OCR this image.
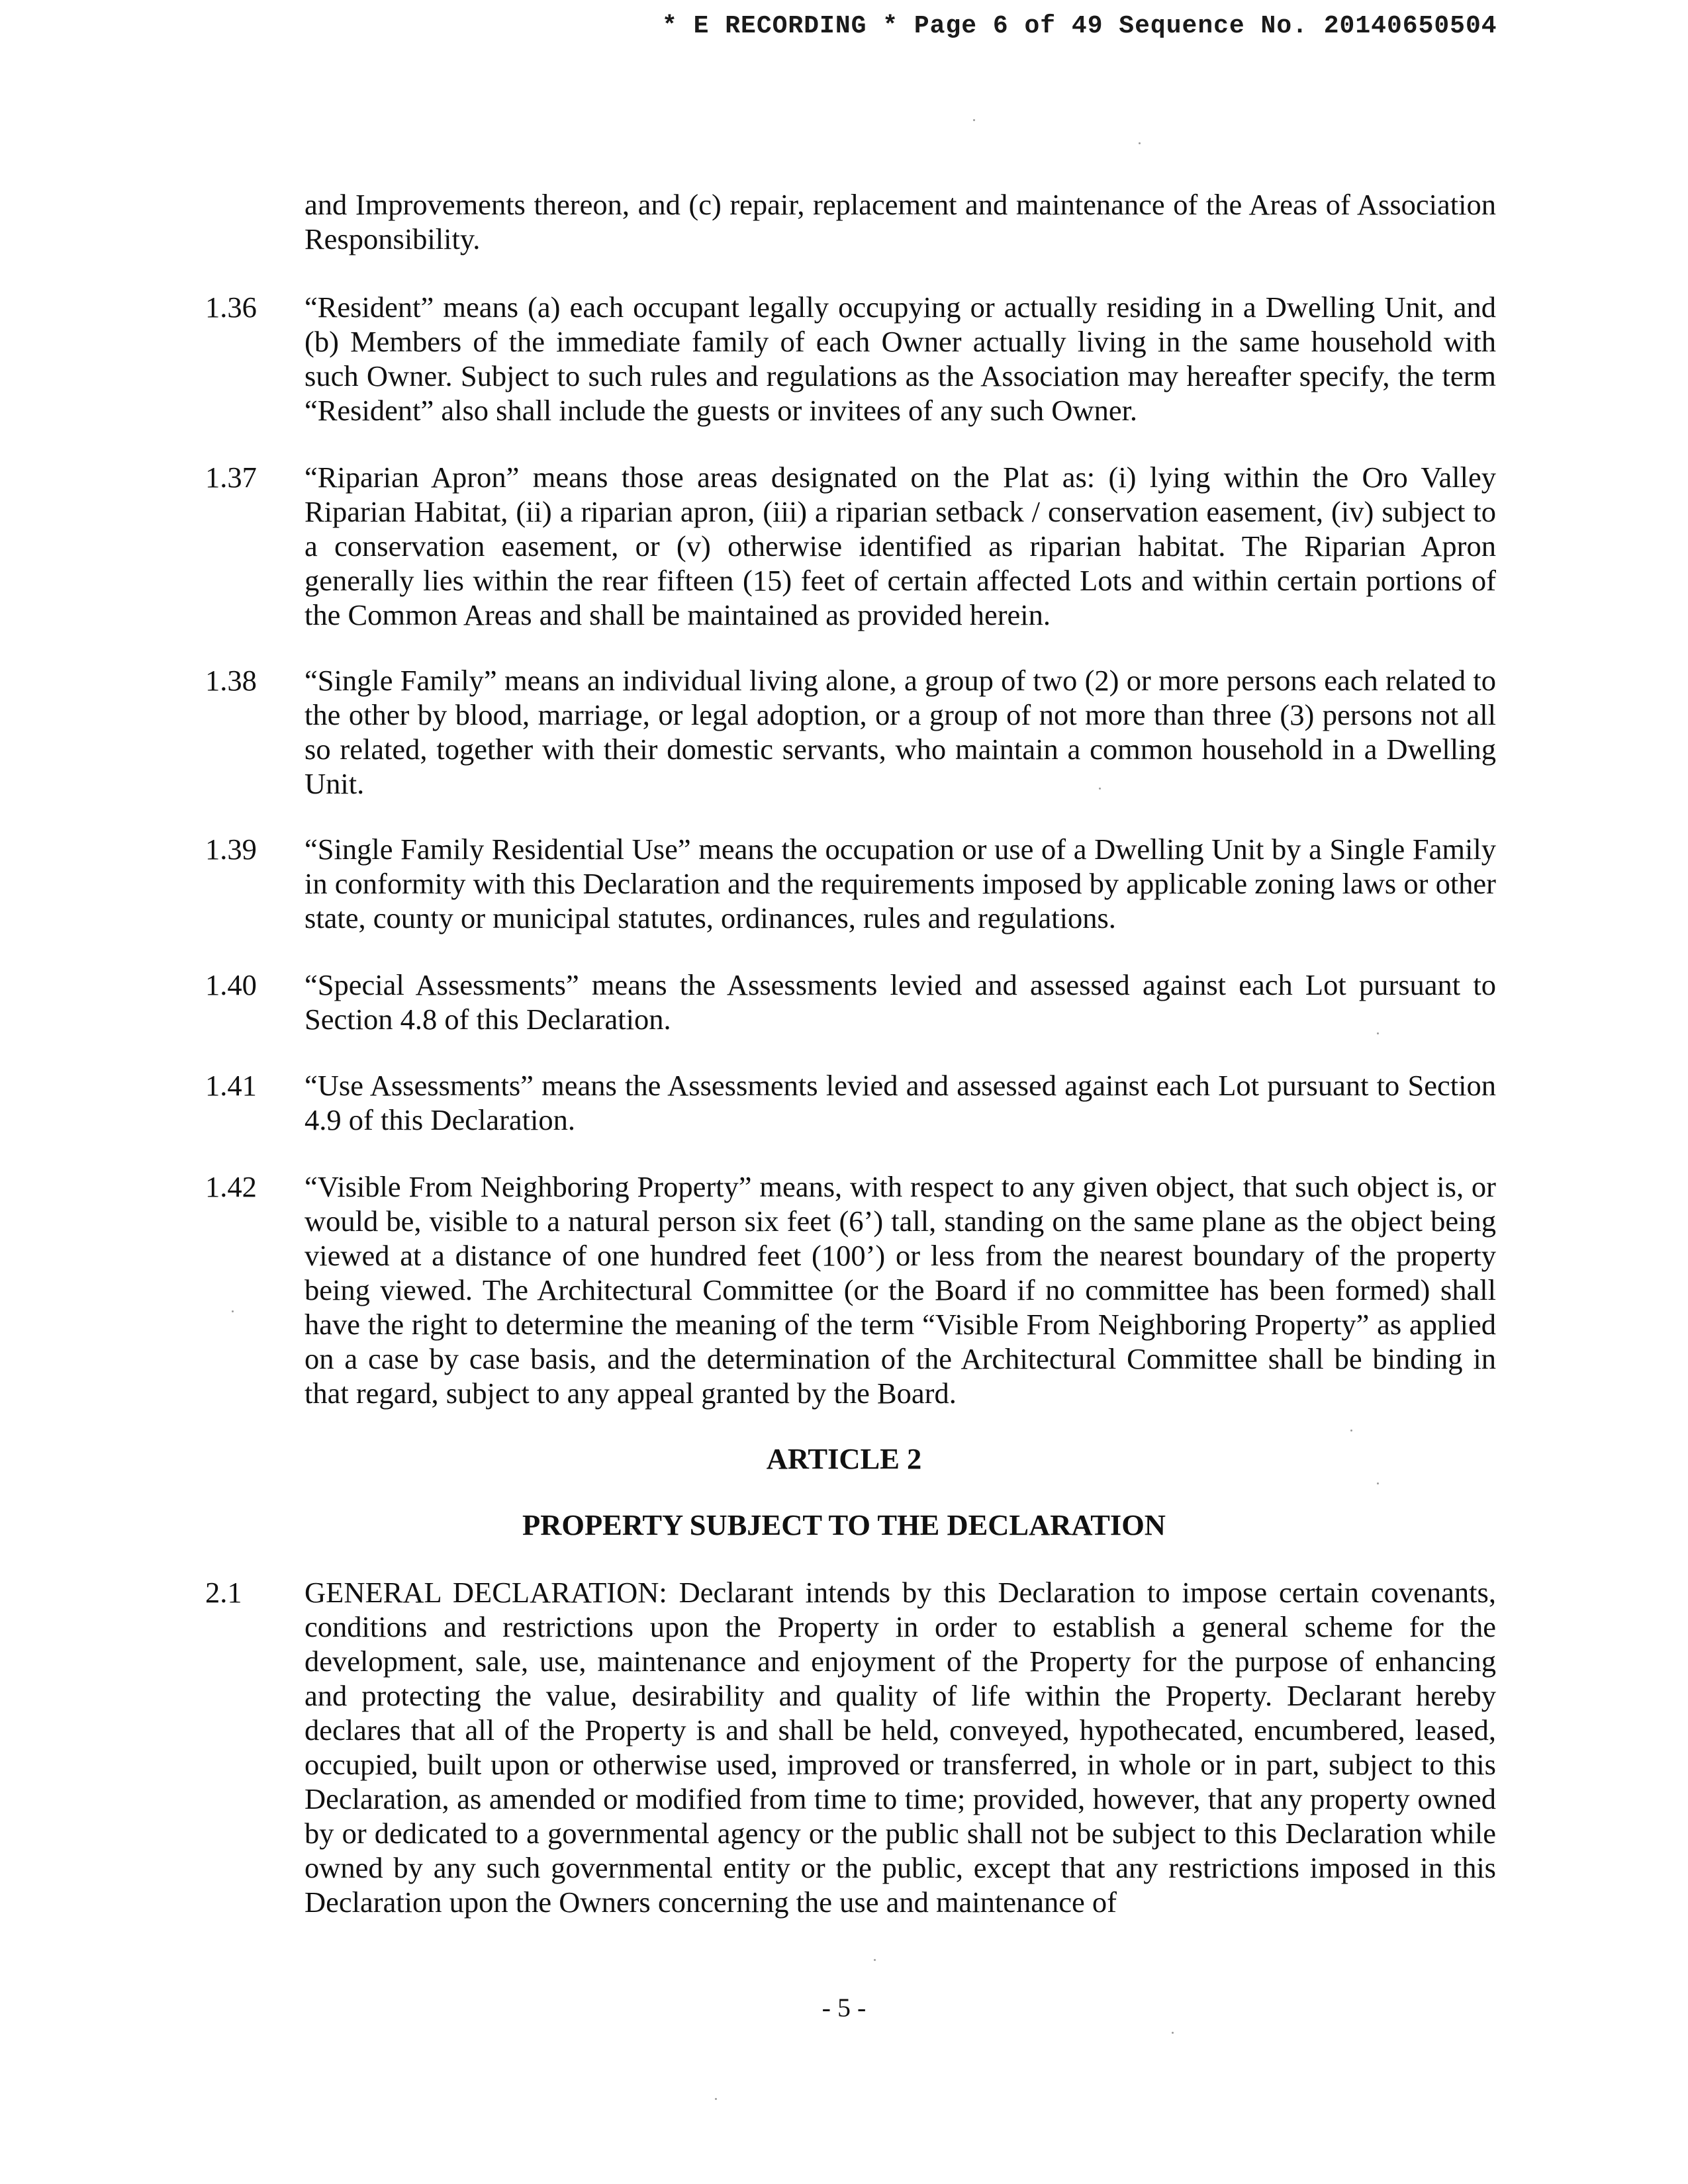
* E RECORDING * Page 6 of 49 Sequence No. 20140650504
and Improvements thereon, and (c) repair, replacement and maintenance of the Areas of Association Responsibility.
1.36	“Resident” means (a) each occupant legally occupying or actually residing in a Dwelling Unit, and (b) Members of the immediate family of each Owner actually living in the same household with such Owner. Subject to such rules and regulations as the Association may hereafter specify, the term “Resident” also shall include the guests or invitees of any such Owner.
1.37	“Riparian Apron” means those areas designated on the Plat as: (i) lying within the Oro Valley Riparian Habitat, (ii) a riparian apron, (iii) a riparian setback / conservation easement, (iv) subject to a conservation easement, or (v) otherwise identified as riparian habitat. The Riparian Apron generally lies within the rear fifteen (15) feet of certain affected Lots and within certain portions of the Common Areas and shall be maintained as provided herein.
1.38	“Single Family” means an individual living alone, a group of two (2) or more persons each related to the other by blood, marriage, or legal adoption, or a group of not more than three (3) persons not all so related, together with their domestic servants, who maintain a common household in a Dwelling Unit.
1.39	“Single Family Residential Use” means the occupation or use of a Dwelling Unit by a Single Family in conformity with this Declaration and the requirements imposed by applicable zoning laws or other state, county or municipal statutes, ordinances, rules and regulations.
1.40	“Special Assessments” means the Assessments levied and assessed against each Lot pursuant to Section 4.8 of this Declaration.
1.41	“Use Assessments” means the Assessments levied and assessed against each Lot pursuant to Section 4.9 of this Declaration.
1.42	“Visible From Neighboring Property” means, with respect to any given object, that such object is, or would be, visible to a natural person six feet (6’) tall, standing on the same plane as the object being viewed at a distance of one hundred feet (100’) or less from the nearest boundary of the property being viewed. The Architectural Committee (or the Board if no committee has been formed) shall have the right to determine the meaning of the term “Visible From Neighboring Property” as applied on a case by case basis, and the determination of the Architectural Committee shall be binding in that regard, subject to any appeal granted by the Board.
ARTICLE 2
PROPERTY SUBJECT TO THE DECLARATION
2.1	GENERAL DECLARATION: Declarant intends by this Declaration to impose certain covenants, conditions and restrictions upon the Property in order to establish a general scheme for the development, sale, use, maintenance and enjoyment of the Property for the purpose of enhancing and protecting the value, desirability and quality of life within the Property. Declarant hereby declares that all of the Property is and shall be held, conveyed, hypothecated, encumbered, leased, occupied, built upon or otherwise used, improved or transferred, in whole or in part, subject to this Declaration, as amended or modified from time to time; provided, however, that any property owned by or dedicated to a governmental agency or the public shall not be subject to this Declaration while owned by any such governmental entity or the public, except that any restrictions imposed in this Declaration upon the Owners concerning the use and maintenance of
- 5 -
